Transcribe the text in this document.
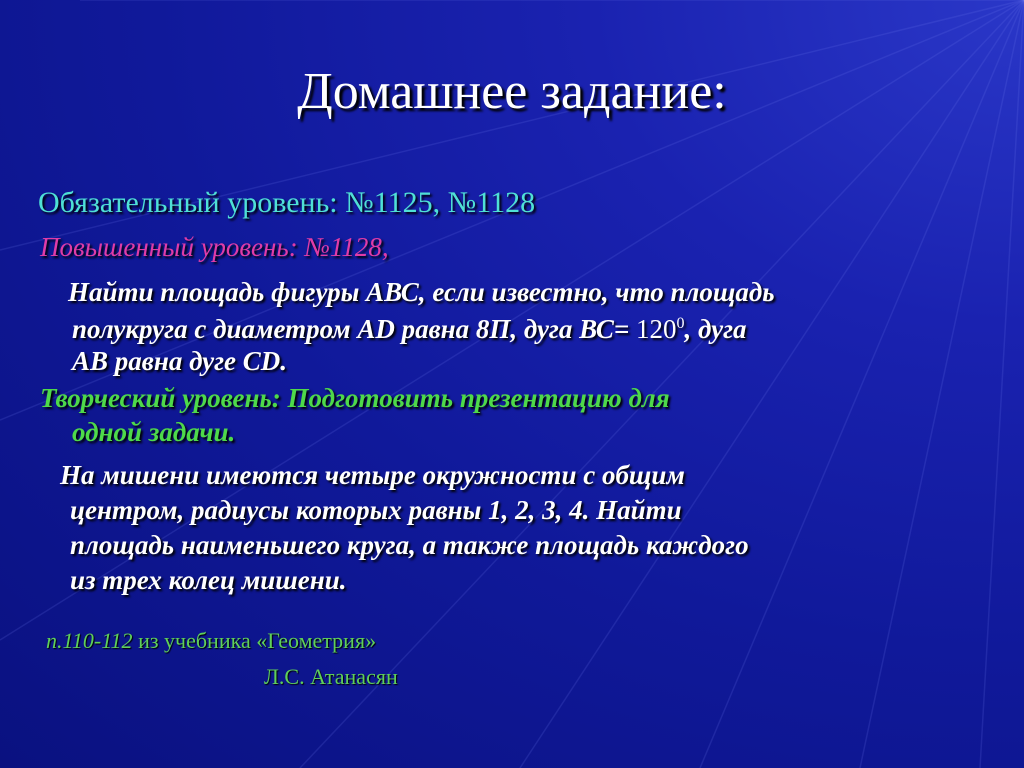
Домашнее задание:

Обязательный уровень: №1125, №1128

Повышенный уровень: №1128,

Найти площадь фигуры АВС, если известно, что площадь
полукруга с диаметром AD равна 8П, дуга $ВС= 120^0$, дуга
АВ равна дуге CD.
Творческий уровень: Подготовить презентацию для
одной задачи.
На мишени имеются четыре окружности с общим
центром, радиусы которых равны 1, 2, 3, 4. Найти
площадь наименьшего круга, а также площадь каждого
из трех колец мишени.

п.110-112 из учебника «Геометрия»

Л.С. Атанасян
